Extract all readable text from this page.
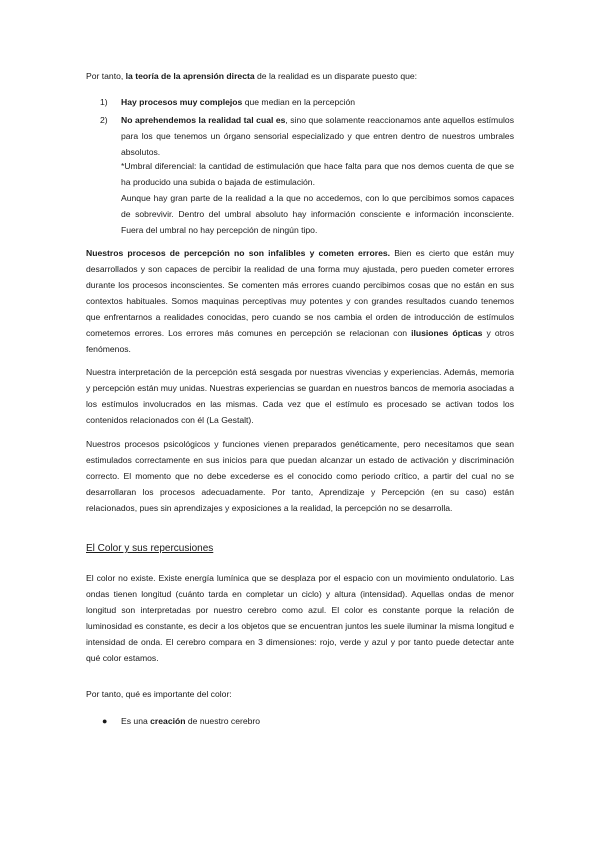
Por tanto, la teoría de la aprensión directa de la realidad es un disparate puesto que:

1) Hay procesos muy complejos que median en la percepción
2) No aprehendemos la realidad tal cual es, sino que solamente reaccionamos ante aquellos estímulos para los que tenemos un órgano sensorial especializado y que entren dentro de nuestros umbrales absolutos.

*Umbral diferencial: la cantidad de estimulación que hace falta para que nos demos cuenta de que se ha producido una subida o bajada de estimulación.

Aunque hay gran parte de la realidad a la que no accedemos, con lo que percibimos somos capaces de sobrevivir. Dentro del umbral absoluto hay información consciente e información inconsciente. Fuera del umbral no hay percepción de ningún tipo.

Nuestros procesos de percepción no son infalibles y cometen errores. Bien es cierto que están muy desarrollados y son capaces de percibir la realidad de una forma muy ajustada, pero pueden cometer errores durante los procesos inconscientes. Se comenten más errores cuando percibimos cosas que no están en sus contextos habituales. Somos maquinas perceptivas muy potentes y con grandes resultados cuando tenemos que enfrentarnos a realidades conocidas, pero cuando se nos cambia el orden de introducción de estímulos cometemos errores. Los errores más comunes en percepción se relacionan con ilusiones ópticas y otros fenómenos.

Nuestra interpretación de la percepción está sesgada por nuestras vivencias y experiencias. Además, memoria y percepción están muy unidas. Nuestras experiencias se guardan en nuestros bancos de memoria asociadas a los estímulos involucrados en las mismas. Cada vez que el estímulo es procesado se activan todos los contenidos relacionados con él (La Gestalt).

Nuestros procesos psicológicos y funciones vienen preparados genéticamente, pero necesitamos que sean estimulados correctamente en sus inicios para que puedan alcanzar un estado de activación y discriminación correcto. El momento que no debe excederse es el conocido como periodo crítico, a partir del cual no se desarrollaran los procesos adecuadamente. Por tanto, Aprendizaje y Percepción (en su caso) están relacionados, pues sin aprendizajes y exposiciones a la realidad, la percepción no se desarrolla.

El Color y sus repercusiones

El color no existe. Existe energía lumínica que se desplaza por el espacio con un movimiento ondulatorio. Las ondas tienen longitud (cuánto tarda en completar un ciclo) y altura (intensidad). Aquellas ondas de menor longitud son interpretadas por nuestro cerebro como azul. El color es constante porque la relación de luminosidad es constante, es decir a los objetos que se encuentran juntos les suele iluminar la misma longitud e intensidad de onda. El cerebro compara en 3 dimensiones: rojo, verde y azul y por tanto puede detectar ante qué color estamos.

Por tanto, qué es importante del color:

● Es una creación de nuestro cerebro
